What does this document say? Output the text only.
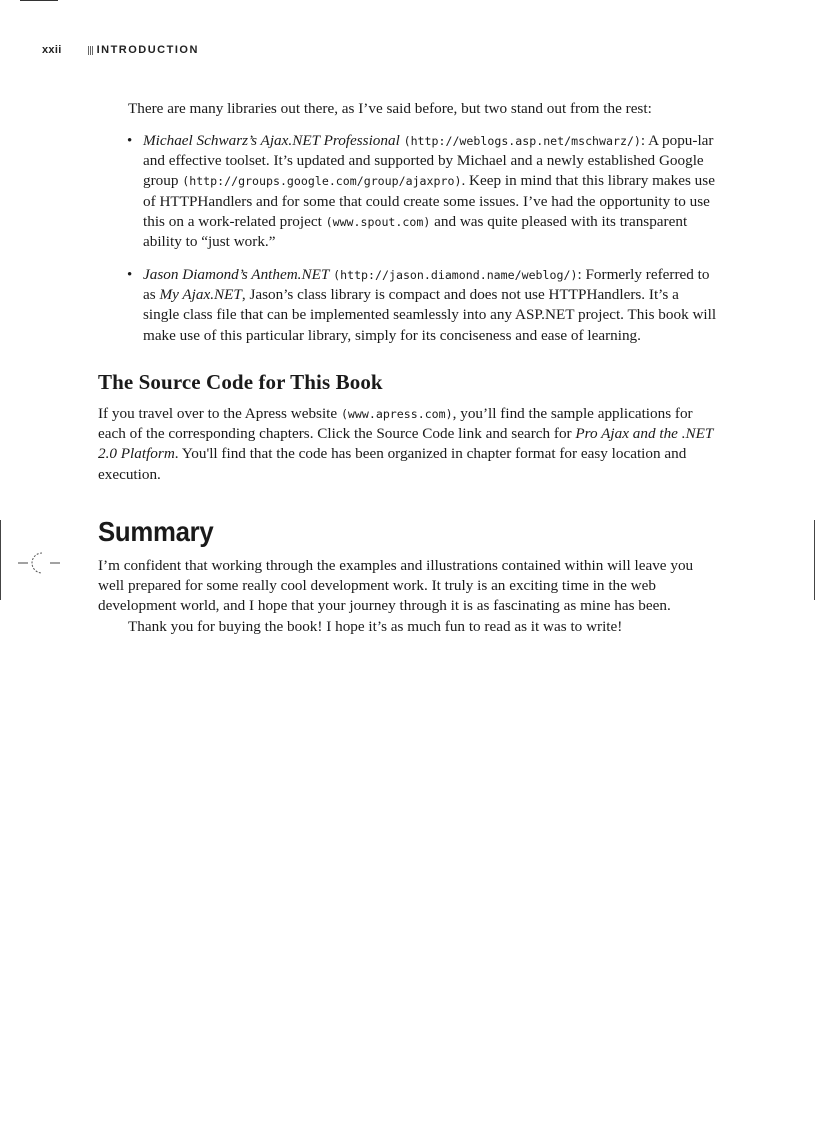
xxii	INTRODUCTION

There are many libraries out there, as I’ve said before, but two stand out from the rest:

• Michael Schwarz’s Ajax.NET Professional (http://weblogs.asp.net/mschwarz/): A popu-lar and effective toolset. It’s updated and supported by Michael and a newly established Google group (http://groups.google.com/group/ajaxpro). Keep in mind that this library makes use of HTTPHandlers and for some that could create some issues. I’ve had the opportunity to use this on a work-related project (www.spout.com) and was quite pleased with its transparent ability to “just work.”

• Jason Diamond’s Anthem.NET (http://jason.diamond.name/weblog/): Formerly referred to as My Ajax.NET, Jason’s class library is compact and does not use HTTPHandlers. It’s a single class file that can be implemented seamlessly into any ASP.NET project. This book will make use of this particular library, simply for its conciseness and ease of learning.

The Source Code for This Book

If you travel over to the Apress website (www.apress.com), you’ll find the sample applications for each of the corresponding chapters. Click the Source Code link and search for Pro Ajax and the .NET 2.0 Platform. You'll find that the code has been organized in chapter format for easy location and execution.

Summary

I’m confident that working through the examples and illustrations contained within will leave you well prepared for some really cool development work. It truly is an exciting time in the web development world, and I hope that your journey through it is as fascinating as mine has been.

Thank you for buying the book! I hope it’s as much fun to read as it was to write!
